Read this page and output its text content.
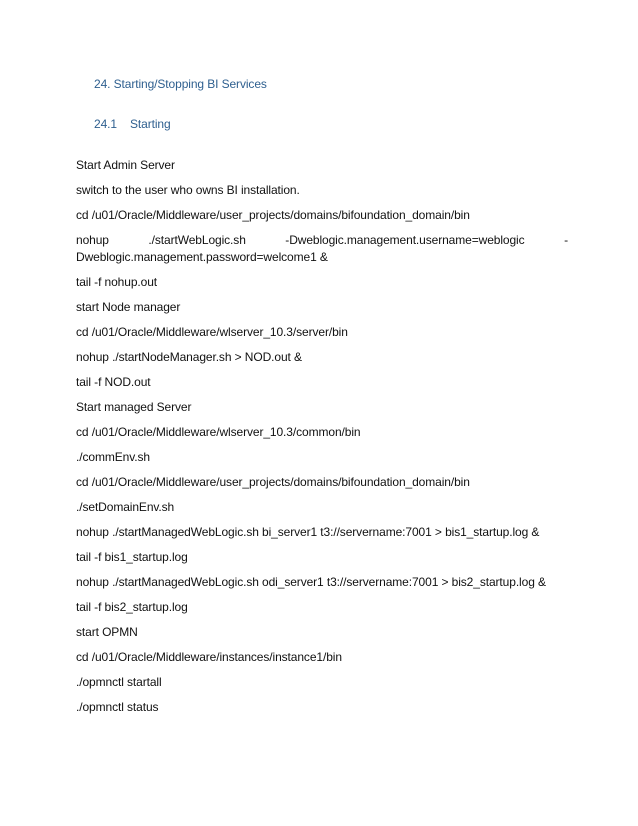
24. Starting/Stopping BI Services
24.1 Starting
Start Admin Server
switch to the user who owns BI installation.
cd /u01/Oracle/Middleware/user_projects/domains/bifoundation_domain/bin
nohup	./startWebLogic.sh	-Dweblogic.management.username=weblogic	-
Dweblogic.management.password=welcome1 &
tail -f nohup.out
start Node manager
cd /u01/Oracle/Middleware/wlserver_10.3/server/bin
nohup ./startNodeManager.sh > NOD.out &
tail -f NOD.out
Start managed Server
cd /u01/Oracle/Middleware/wlserver_10.3/common/bin
./commEnv.sh
cd /u01/Oracle/Middleware/user_projects/domains/bifoundation_domain/bin
./setDomainEnv.sh
nohup ./startManagedWebLogic.sh bi_server1 t3://servername:7001 > bis1_startup.log &
tail -f bis1_startup.log
nohup ./startManagedWebLogic.sh odi_server1 t3://servername:7001 > bis2_startup.log &
tail -f bis2_startup.log
start OPMN
cd /u01/Oracle/Middleware/instances/instance1/bin
./opmnctl startall
./opmnctl status
